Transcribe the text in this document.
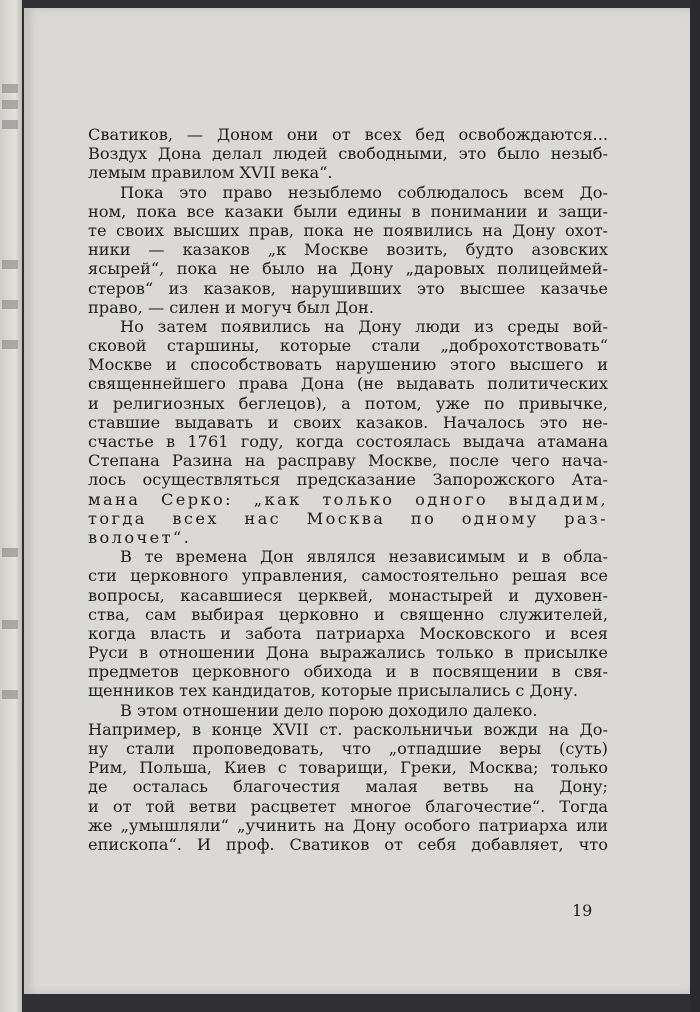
Сватиков, — Доном они от всех бед освобождаются...
Воздух Дона делал людей свободными, это было незыб-
лемым правилом XVII века“.
Пока это право незыблемо соблюдалось всем До-
ном, пока все казаки были едины в понимании и защи-
те своих высших прав, пока не появились на Дону охот-
ники — казаков „к Москве возить, будто азовских
ясырей“, пока не было на Дону „даровых полицеймей-
стеров“ из казаков, нарушивших это высшее казачье
право, — силен и могуч был Дон.
Но затем появились на Дону люди из среды вой-
сковой старшины, которые стали „доброхотствовать“
Москве и способствовать нарушению этого высшего и
священнейшего права Дона (не выдавать политических
и религиозных беглецов), а потом, уже по привычке,
ставшие выдавать и своих казаков. Началось это не-
счастье в 1761 году, когда состоялась выдача атамана
Степана Разина на расправу Москве, после чего нача-
лось осуществляться предсказание Запорожского Ата-
мана Серко: „как только одного выдадим,
тогда всех нас Москва по одному раз-
волочет“.
В те времена Дон являлся независимым и в обла-
сти церковного управления, самостоятельно решая все
вопросы, касавшиеся церквей, монастырей и духовен-
ства, сам выбирая церковно и священно служителей,
когда власть и забота патриарха Московского и всея
Руси в отношении Дона выражались только в присылке
предметов церковного обихода и в посвящении в свя-
щенников тех кандидатов, которые присылались с Дону.
В этом отношении дело порою доходило далеко.
Например, в конце XVII ст. раскольничьи вожди на До-
ну стали проповедовать, что „отпадшие веры (суть)
Рим, Польша, Киев с товарищи, Греки, Москва; только
де осталась благочестия малая ветвь на Дону;
и от той ветви расцветет многое благочестие“. Тогда
же „умышляли“ „учинить на Дону особого патриарха или
епископа“. И проф. Сватиков от себя добавляет, что
19
